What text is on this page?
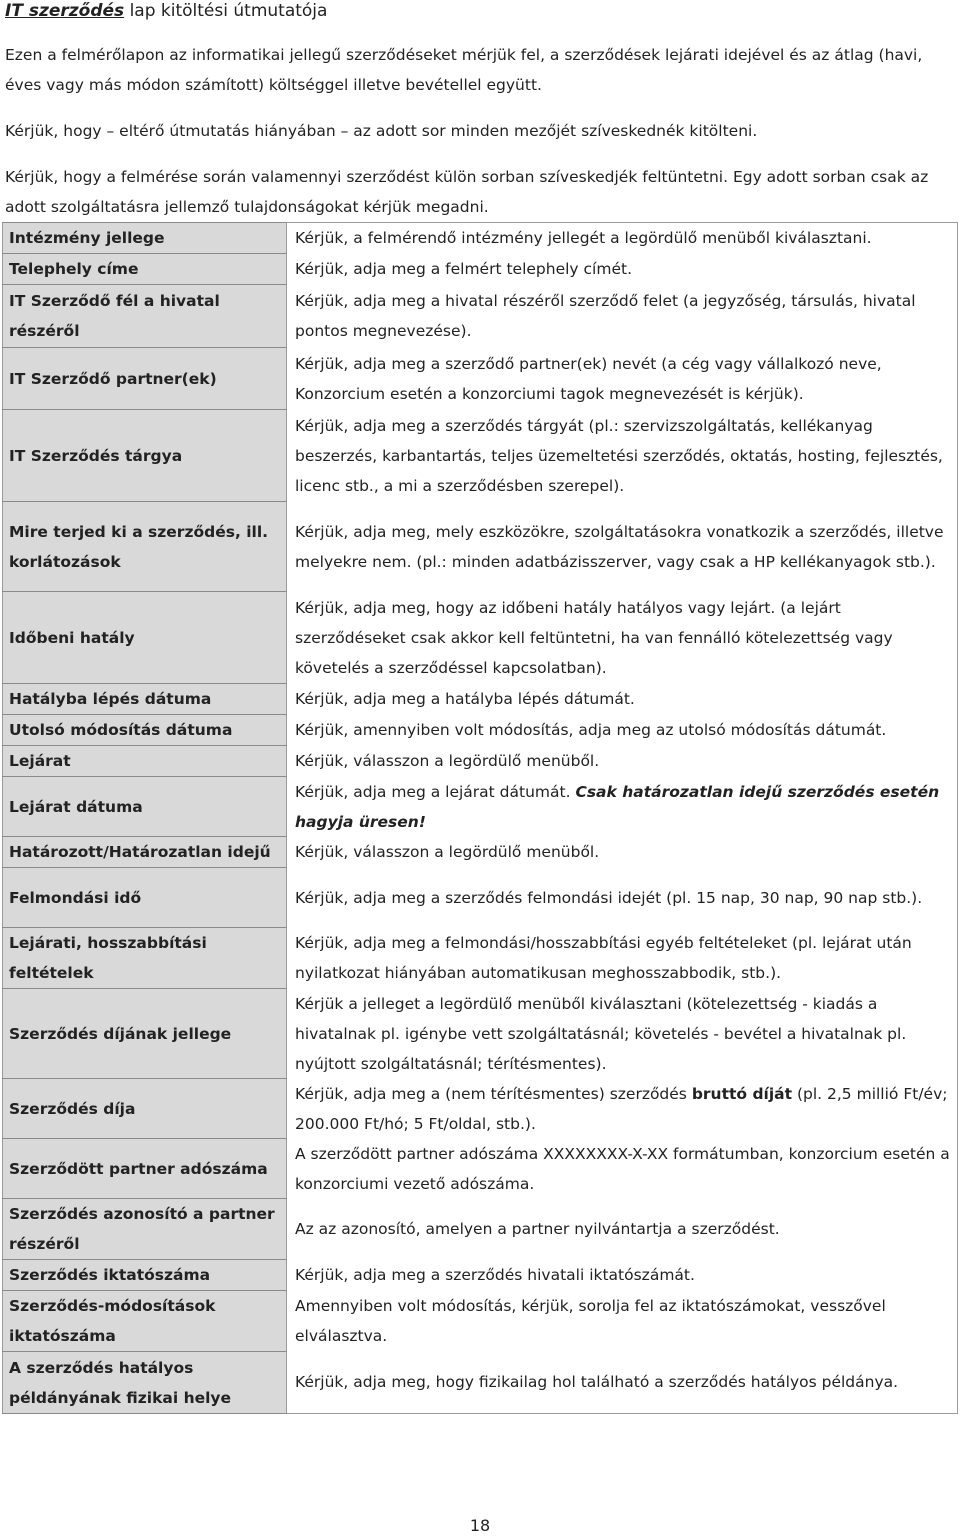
IT szerződés lap kitöltési útmutatója

Ezen a felmérőlapon az informatikai jellegű szerződéseket mérjük fel, a szerződések lejárati idejével és az átlag (havi, éves vagy más módon számított) költséggel illetve bevétellel együtt.

Kérjük, hogy – eltérő útmutatás hiányában – az adott sor minden mezőjét szíveskednék kitölteni.

Kérjük, hogy a felmérése során valamennyi szerződést külön sorban szíveskedjék feltüntetni. Egy adott sorban csak az adott szolgáltatásra jellemző tulajdonságokat kérjük megadni.

Intézmény jellege	Kérjük, a felmérendő intézmény jellegét a legördülő menüből kiválasztani.
Telephely címe	Kérjük, adja meg a felmért telephely címét.
IT Szerződő fél a hivatal részéről	Kérjük, adja meg a hivatal részéről szerződő felet (a jegyzőség, társulás, hivatal pontos megnevezése).
IT Szerződő partner(ek)	Kérjük, adja meg a szerződő partner(ek) nevét (a cég vagy vállalkozó neve, Konzorcium esetén a konzorciumi tagok megnevezését is kérjük).
IT Szerződés tárgya	Kérjük, adja meg a szerződés tárgyát (pl.: szervizszolgáltatás, kellékanyag beszerzés, karbantartás, teljes üzemeltetési szerződés, oktatás, hosting, fejlesztés, licenc stb., a mi a szerződésben szerepel).
Mire terjed ki a szerződés, ill. korlátozások	Kérjük, adja meg, mely eszközökre, szolgáltatásokra vonatkozik a szerződés, illetve melyekre nem. (pl.: minden adatbázisszerver, vagy csak a HP kellékanyagok stb.).
Időbeni hatály	Kérjük, adja meg, hogy az időbeni hatály hatályos vagy lejárt. (a lejárt szerződéseket csak akkor kell feltüntetni, ha van fennálló kötelezettség vagy követelés a szerződéssel kapcsolatban).
Hatályba lépés dátuma	Kérjük, adja meg a hatályba lépés dátumát.
Utolsó módosítás dátuma	Kérjük, amennyiben volt módosítás, adja meg az utolsó módosítás dátumát.
Lejárat	Kérjük, válasszon a legördülő menüből.
Lejárat dátuma	Kérjük, adja meg a lejárat dátumát. Csak határozatlan idejű szerződés esetén hagyja üresen!
Határozott/Határozatlan idejű	Kérjük, válasszon a legördülő menüből.
Felmondási idő	Kérjük, adja meg a szerződés felmondási idejét (pl. 15 nap, 30 nap, 90 nap stb.).
Lejárati, hosszabbítási feltételek	Kérjük, adja meg a felmondási/hosszabbítási egyéb feltételeket (pl. lejárat után nyilatkozat hiányában automatikusan meghosszabbodik, stb.).
Szerződés díjának jellege	Kérjük a jelleget a legördülő menüből kiválasztani (kötelezettség - kiadás a hivatalnak pl. igénybe vett szolgáltatásnál; követelés - bevétel a hivatalnak pl. nyújtott szolgáltatásnál; térítésmentes).
Szerződés díja	Kérjük, adja meg a (nem térítésmentes) szerződés bruttó díját (pl. 2,5 millió Ft/év; 200.000 Ft/hó; 5 Ft/oldal, stb.).
Szerződött partner adószáma	A szerződött partner adószáma XXXXXXXX-X-XX formátumban, konzorcium esetén a konzorciumi vezető adószáma.
Szerződés azonosító a partner részéről	Az az azonosító, amelyen a partner nyilvántartja a szerződést.
Szerződés iktatószáma	Kérjük, adja meg a szerződés hivatali iktatószámát.
Szerződés-módosítások iktatószáma	Amennyiben volt módosítás, kérjük, sorolja fel az iktatószámokat, vesszővel elválasztva.
A szerződés hatályos példányának fizikai helye	Kérjük, adja meg, hogy fizikailag hol található a szerződés hatályos példánya.
18
